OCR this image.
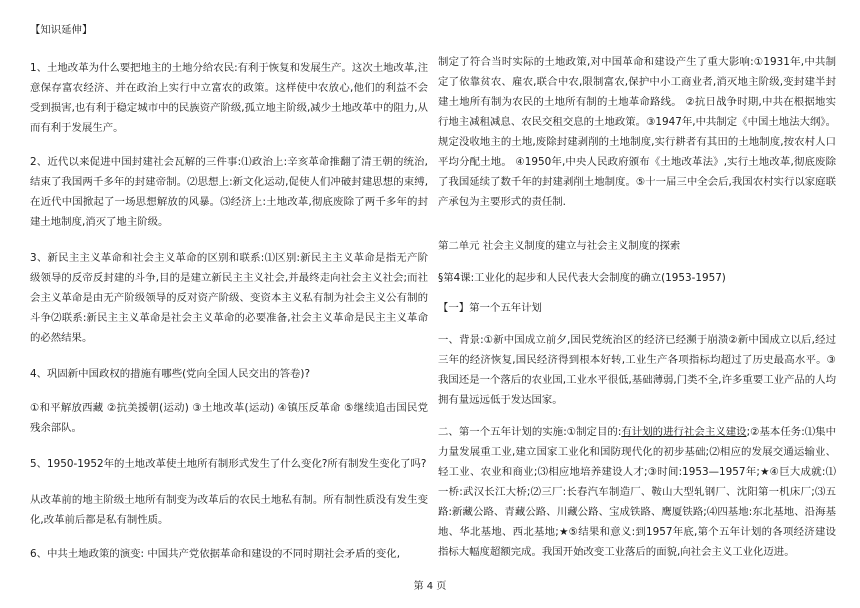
【知识延伸】

1、土地改革为什么要把地主的土地分给农民:有利于恢复和发展生产。这次土地改革,注意保存富农经济、并在政治上实行中立富农的政策。这样使中农放心,他们的利益不会受到损害,也有利于稳定城市中的民族资产阶级,孤立地主阶级,减少土地改革中的阻力,从而有利于发展生产。

2、近代以来促进中国封建社会瓦解的三件事:⑴政治上:辛亥革命推翻了清王朝的统治,结束了我国两千多年的封建帝制。⑵思想上:新文化运动,促使人们冲破封建思想的束缚,在近代中国掀起了一场思想解放的风暴。⑶经济上:土地改革,彻底废除了两千多年的封建土地制度,消灭了地主阶级。

3、新民主主义革命和社会主义革命的区别和联系:⑴区别:新民主主义革命是指无产阶级领导的反帝反封建的斗争,目的是建立新民主主义社会,并最终走向社会主义社会;而社会主义革命是由无产阶级领导的反对资产阶级、变资本主义私有制为社会主义公有制的斗争⑵联系:新民主主义革命是社会主义革命的必要准备,社会主义革命是民主主义革命的必然结果。

4、巩固新中国政权的措施有哪些(党向全国人民交出的答卷)?

①和平解放西藏 ②抗美援朝(运动) ③土地改革(运动) ④镇压反革命 ⑤继续追击国民党残余部队。

5、1950-1952年的土地改革使土地所有制形式发生了什么变化?所有制发生变化了吗?

从改革前的地主阶级土地所有制变为改革后的农民土地私有制。所有制性质没有发生变化,改革前后都是私有制性质。

6、中共土地政策的演变: 中国共产党依据革命和建设的不同时期社会矛盾的变化,

制定了符合当时实际的土地政策,对中国革命和建设产生了重大影响:①1931年,中共制定了依靠贫农、雇农,联合中农,限制富农,保护中小工商业者,消灭地主阶级,变封建半封建土地所有制为农民的土地所有制的土地革命路线。 ②抗日战争时期,中共在根据地实行地主减租减息、农民交租交息的土地政策。③1947年,中共制定《中国土地法大纲》。规定没收地主的土地,废除封建剥削的土地制度,实行耕者有其田的土地制度,按农村人口平均分配土地。 ④1950年,中央人民政府颁布《土地改革法》,实行土地改革,彻底废除了我国延续了数千年的封建剥削土地制度。⑤十一届三中全会后,我国农村实行以家庭联产承包为主要形式的责任制.

第二单元 社会主义制度的建立与社会主义制度的探索

§第4课:工业化的起步和人民代表大会制度的确立(1953-1957)

【一】第一个五年计划

一、背景:①新中国成立前夕,国民党统治区的经济已经濒于崩溃②新中国成立以后,经过三年的经济恢复,国民经济得到根本好转,工业生产各项指标均超过了历史最高水平。③我国还是一个落后的农业国,工业水平很低,基础薄弱,门类不全,许多重要工业产品的人均拥有量远远低于发达国家。

二、第一个五年计划的实施:①制定目的:有计划的进行社会主义建设;②基本任务:⑴集中力量发展重工业,建立国家工业化和国防现代化的初步基础;⑵相应的发展交通运输业、轻工业、农业和商业;⑶相应地培养建设人才;③时间:1953—1957年;★④巨大成就:⑴一桥:武汉长江大桥;⑵三厂:长春汽车制造厂、鞍山大型轧钢厂、沈阳第一机床厂;⑶五路:新藏公路、青藏公路、川藏公路、宝成铁路、鹰厦铁路;⑷四基地:东北基地、沿海基地、华北基地、西北基地;★⑤结果和意义:到1957年底,第个五年计划的各项经济建设指标大幅度超额完成。我国开始改变工业落后的面貌,向社会主义工业化迈进。

第 4 页
